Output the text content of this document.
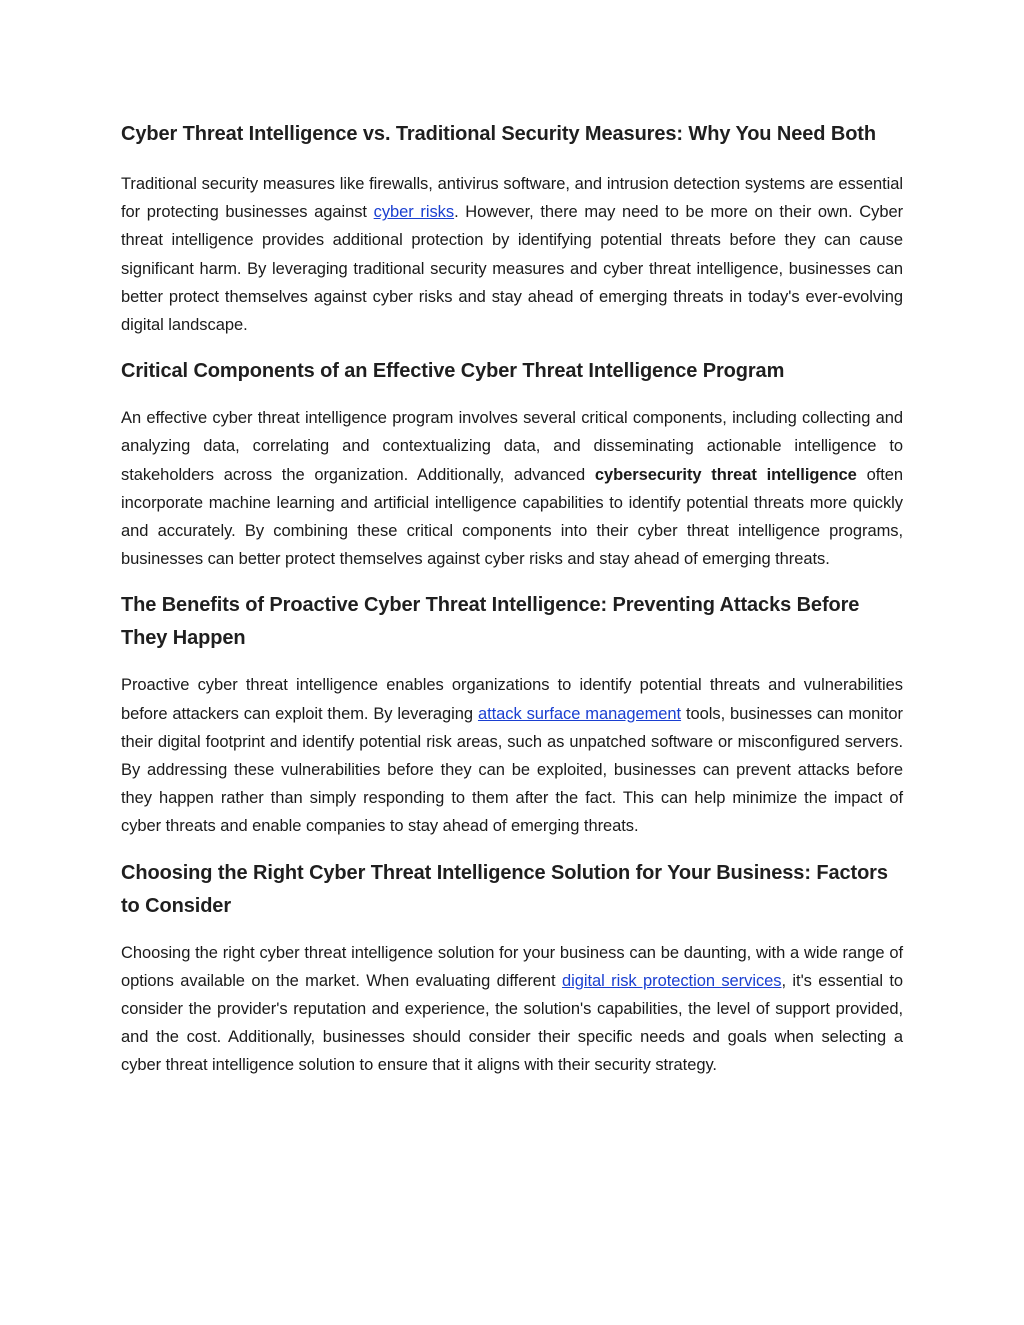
Cyber Threat Intelligence vs. Traditional Security Measures: Why You Need Both

Traditional security measures like firewalls, antivirus software, and intrusion detection systems are essential for protecting businesses against cyber risks. However, there may need to be more on their own. Cyber threat intelligence provides additional protection by identifying potential threats before they can cause significant harm. By leveraging traditional security measures and cyber threat intelligence, businesses can better protect themselves against cyber risks and stay ahead of emerging threats in today's ever-evolving digital landscape.

Critical Components of an Effective Cyber Threat Intelligence Program

An effective cyber threat intelligence program involves several critical components, including collecting and analyzing data, correlating and contextualizing data, and disseminating actionable intelligence to stakeholders across the organization. Additionally, advanced cybersecurity threat intelligence often incorporate machine learning and artificial intelligence capabilities to identify potential threats more quickly and accurately. By combining these critical components into their cyber threat intelligence programs, businesses can better protect themselves against cyber risks and stay ahead of emerging threats.

The Benefits of Proactive Cyber Threat Intelligence: Preventing Attacks Before They Happen

Proactive cyber threat intelligence enables organizations to identify potential threats and vulnerabilities before attackers can exploit them. By leveraging attack surface management tools, businesses can monitor their digital footprint and identify potential risk areas, such as unpatched software or misconfigured servers. By addressing these vulnerabilities before they can be exploited, businesses can prevent attacks before they happen rather than simply responding to them after the fact. This can help minimize the impact of cyber threats and enable companies to stay ahead of emerging threats.

Choosing the Right Cyber Threat Intelligence Solution for Your Business: Factors to Consider

Choosing the right cyber threat intelligence solution for your business can be daunting, with a wide range of options available on the market. When evaluating different digital risk protection services, it's essential to consider the provider's reputation and experience, the solution's capabilities, the level of support provided, and the cost. Additionally, businesses should consider their specific needs and goals when selecting a cyber threat intelligence solution to ensure that it aligns with their security strategy.
